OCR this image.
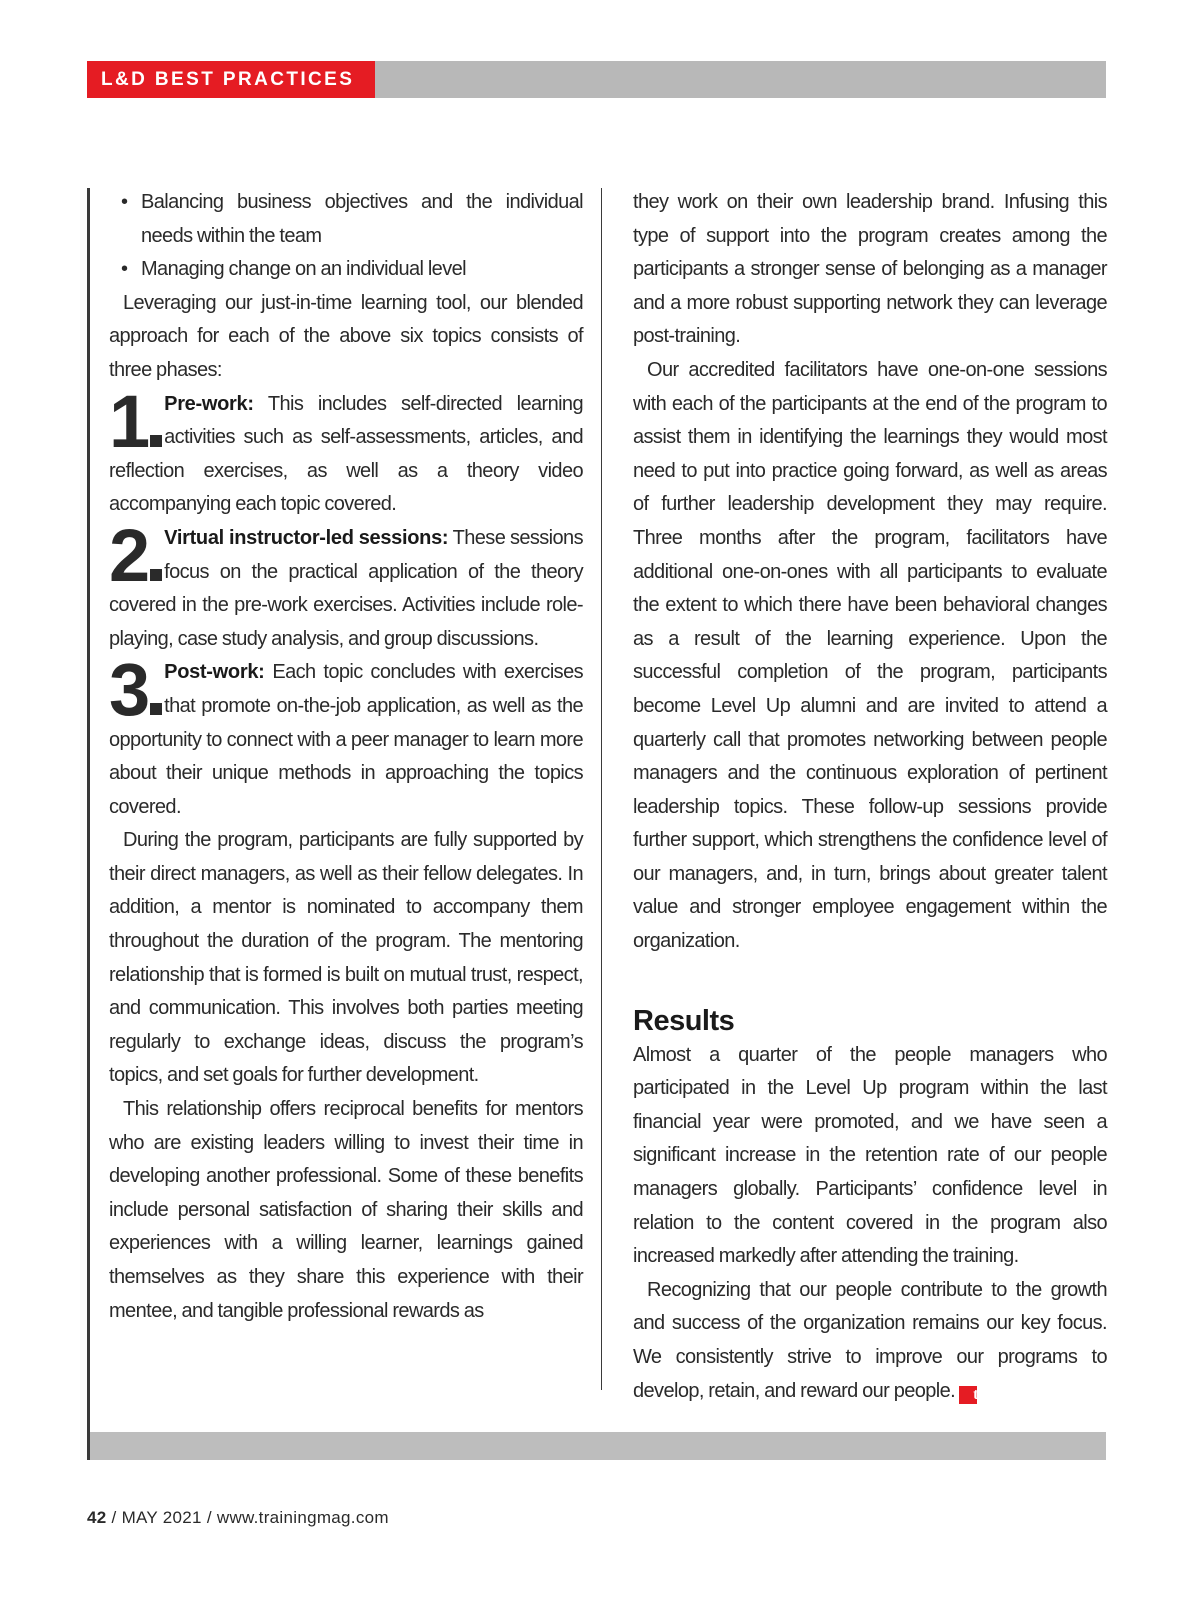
L&D BEST PRACTICES
• Balancing business objectives and the individual needs within the team
• Managing change on an individual level

Leveraging our just-in-time learning tool, our blended approach for each of the above six topics consists of three phases:

1 Pre-work: This includes self-directed learning activities such as self-assessments, articles, and reflection exercises, as well as a theory video accompanying each topic covered.

2 Virtual instructor-led sessions: These sessions focus on the practical application of the theory covered in the pre-work exercises. Activities include role-playing, case study analysis, and group discussions.

3 Post-work: Each topic concludes with exercises that promote on-the-job application, as well as the opportunity to connect with a peer manager to learn more about their unique methods in approaching the topics covered.

During the program, participants are fully supported by their direct managers, as well as their fellow delegates. In addition, a mentor is nominated to accompany them throughout the duration of the program. The mentoring relationship that is formed is built on mutual trust, respect, and communication. This involves both parties meeting regularly to exchange ideas, discuss the program’s topics, and set goals for further development.

This relationship offers reciprocal benefits for mentors who are existing leaders willing to invest their time in developing another professional. Some of these benefits include personal satisfaction of sharing their skills and experiences with a willing learner, learnings gained themselves as they share this experience with their mentee, and tangible professional rewards as

they work on their own leadership brand. Infusing this type of support into the program creates among the participants a stronger sense of belonging as a manager and a more robust supporting network they can leverage post-training.

Our accredited facilitators have one-on-one sessions with each of the participants at the end of the program to assist them in identifying the learnings they would most need to put into practice going forward, as well as areas of further leadership development they may require. Three months after the program, facilitators have additional one-on-ones with all participants to evaluate the extent to which there have been behavioral changes as a result of the learning experience. Upon the successful completion of the program, participants become Level Up alumni and are invited to attend a quarterly call that promotes networking between people managers and the continuous exploration of pertinent leadership topics. These follow-up sessions provide further support, which strengthens the confidence level of our managers, and, in turn, brings about greater talent value and stronger employee engagement within the organization.

Results

Almost a quarter of the people managers who participated in the Level Up program within the last financial year were promoted, and we have seen a significant increase in the retention rate of our people managers globally. Participants’ confidence level in relation to the content covered in the program also increased markedly after attending the training.

Recognizing that our people contribute to the growth and success of the organization remains our key focus. We consistently strive to improve our programs to develop, retain, and reward our people. t

42 / MAY 2021 / www.trainingmag.com
